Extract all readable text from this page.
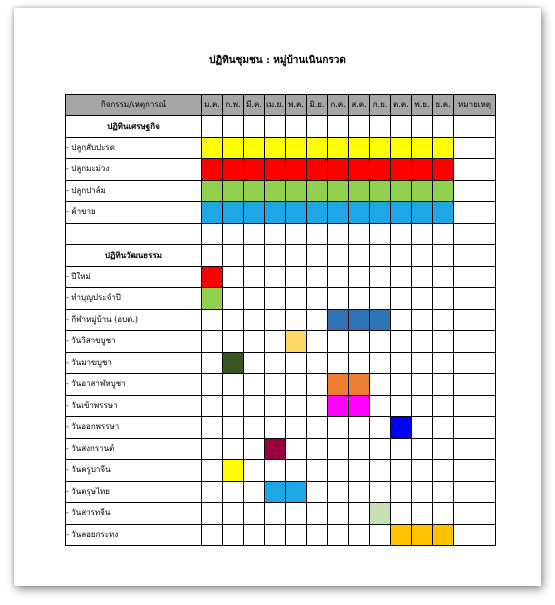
ปฏิทินชุมชน : หมู่บ้านเนินกรวด
กิจกรรม/เหตุการณ์	ม.ค.	ก.พ.	มี.ค.	เม.ย.	พ.ค.	มิ.ย.	ก.ค.	ส.ค.	ก.ย.	ต.ค.	พ.ย.	ธ.ค.	หมายเหตุ
ปฏิทินเศรษฐกิจ													
- ปลูกสับปะรด													
- ปลูกมะม่วง													
- ปลูกปาล์ม													
- ค้าขาย													

ปฏิทินวัฒนธรรม													
- ปีใหม่													
- ทำบุญประจำปี													
- กีฬาหมู่บ้าน (อบต.)													
- วันวิสาขบูชา													
- วันมาฆบูชา													
- วันอาสาฬหบูชา													
- วันเข้าพรรษา													
- วันออกพรรษา													
- วันสงกรานต์													
- วันครูบาจีน													
- วันตรุษไทย													
- วันสารทจีน													
- วันลอยกระทง													
